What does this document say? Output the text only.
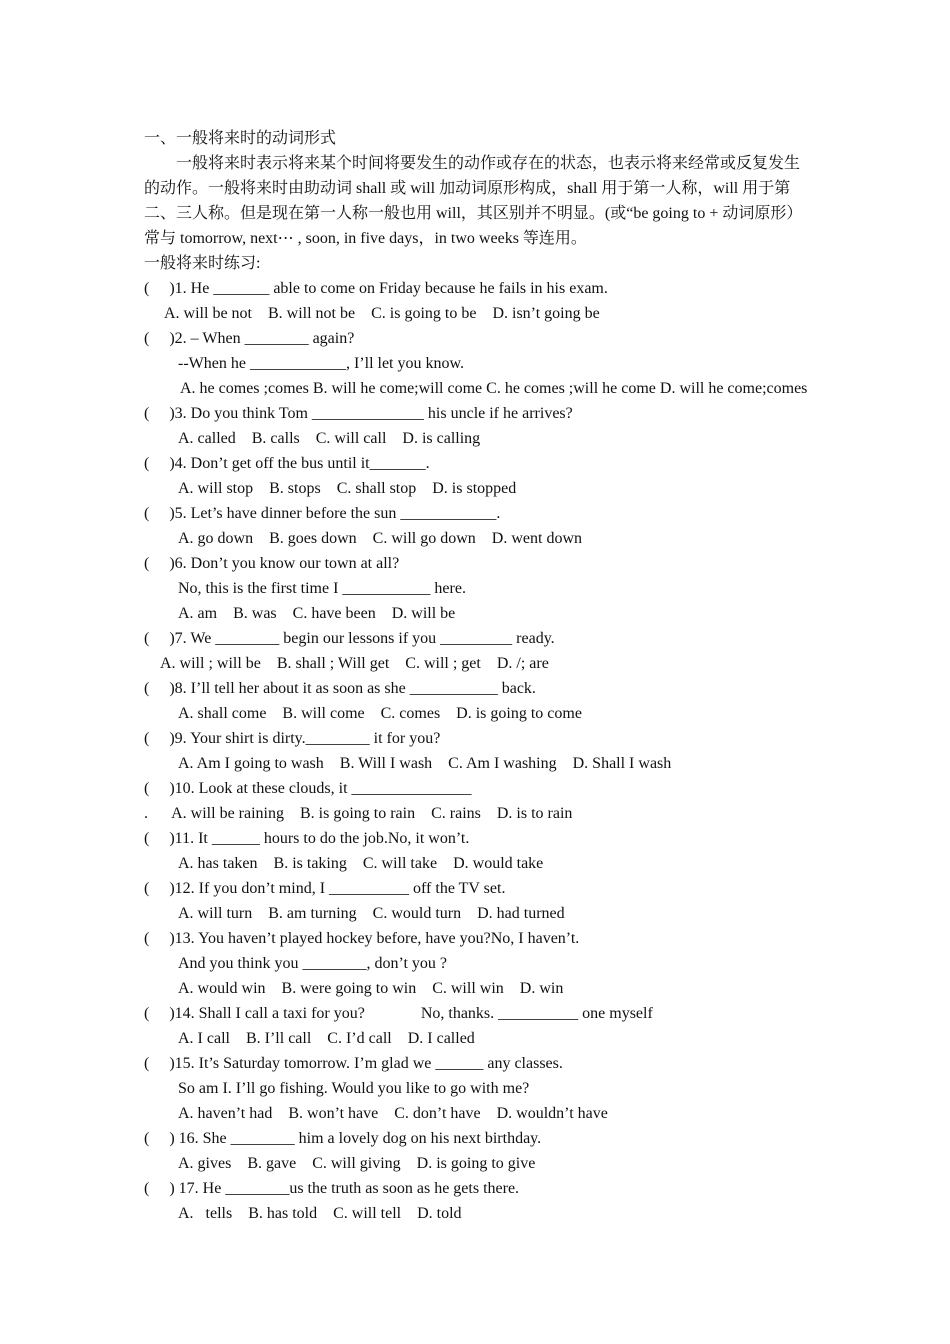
一、一般将来时的动词形式
一般将来时表示将来某个时间将要发生的动作或存在的状态，也表示将来经常或反复发生的动作。一般将来时由助动词 shall 或 will 加动词原形构成，shall 用于第一人称，will 用于第二、三人称。但是现在第一人称一般也用 will，其区别并不明显。(或“be going to + 动词原形）常与 tomorrow, next⋯ , soon, in five days，in two weeks 等连用。
一般将来时练习:
(     )1. He _______ able to come on Friday because he fails in his exam.
A. will be not    B. will not be    C. is going to be    D. isn’t going be
(     )2. – When ________ again?
--When he ____________, I’ll let you know.
A. he comes ;comes B. will he come;will come C. he comes ;will he come D. will he come;comes
(     )3. Do you think Tom ______________ his uncle if he arrives?
A. called    B. calls    C. will call    D. is calling
(     )4. Don’t get off the bus until it_______.
A. will stop    B. stops    C. shall stop    D. is stopped
(     )5. Let’s have dinner before the sun ____________.
A. go down    B. goes down    C. will go down    D. went down
(     )6. Don’t you know our town at all?
No, this is the first time I ___________ here.
A. am    B. was    C. have been    D. will be
(     )7. We ________ begin our lessons if you _________ ready.
A. will ; will be    B. shall ; Will get    C. will ; get    D. /; are
(     )8. I’ll tell her about it as soon as she ___________ back.
A. shall come    B. will come    C. comes    D. is going to come
(     )9. Your shirt is dirty.________ it for you?
A. Am I going to wash    B. Will I wash    C. Am I washing    D. Shall I wash
(     )10. Look at these clouds, it _______________
.      A. will be raining    B. is going to rain    C. rains    D. is to rain
(     )11. It ______ hours to do the job.No, it won’t.
A. has taken    B. is taking    C. will take    D. would take
(     )12. If you don’t mind, I __________ off the TV set.
A. will turn    B. am turning    C. would turn    D. had turned
(     )13. You haven’t played hockey before, have you?No, I haven’t.
And you think you ________, don’t you ?
A. would win    B. were going to win    C. will win    D. win
(     )14. Shall I call a taxi for you?              No, thanks. __________ one myself
A. I call    B. I’ll call    C. I’d call    D. I called
(     )15. It’s Saturday tomorrow. I’m glad we ______ any classes.
So am I. I’ll go fishing. Would you like to go with me?
A. haven’t had    B. won’t have    C. don’t have    D. wouldn’t have
(     ) 16. She ________ him a lovely dog on his next birthday.
A. gives    B. gave    C. will giving    D. is going to give
(     ) 17. He ________us the truth as soon as he gets there.
A.   tells    B. has told    C. will tell    D. told
